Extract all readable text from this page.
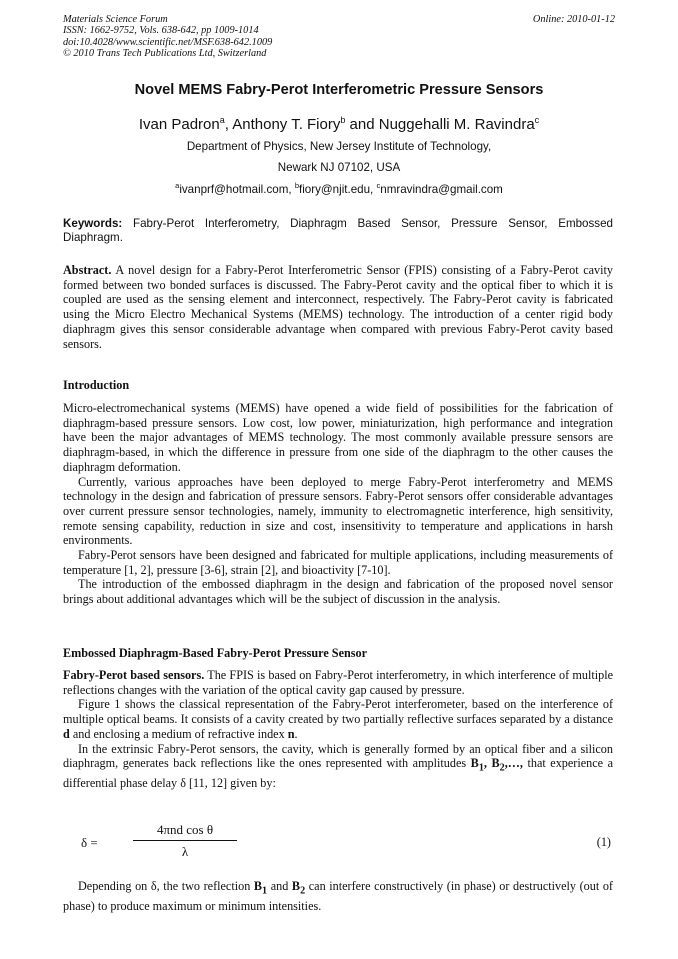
Materials Science Forum
ISSN: 1662-9752, Vols. 638-642, pp 1009-1014
doi:10.4028/www.scientific.net/MSF.638-642.1009
© 2010 Trans Tech Publications Ltd, Switzerland
Online: 2010-01-12
Novel MEMS Fabry-Perot Interferometric Pressure Sensors
Ivan Padron$^a$, Anthony T. Fiory$^b$ and Nuggehalli M. Ravindra$^c$
Department of Physics, New Jersey Institute of Technology,
Newark NJ 07102, USA
$^a$ivanprf@hotmail.com, $^b$fiory@njit.edu, $^c$nmravindra@gmail.com
Keywords: Fabry-Perot Interferometry, Diaphragm Based Sensor, Pressure Sensor, Embossed Diaphragm.

Abstract. A novel design for a Fabry-Perot Interferometric Sensor (FPIS) consisting of a Fabry-Perot cavity formed between two bonded surfaces is discussed. The Fabry-Perot cavity and the optical fiber to which it is coupled are used as the sensing element and interconnect, respectively. The Fabry-Perot cavity is fabricated using the Micro Electro Mechanical Systems (MEMS) technology. The introduction of a center rigid body diaphragm gives this sensor considerable advantage when compared with previous Fabry-Perot cavity based sensors.

Introduction

Micro-electromechanical systems (MEMS) have opened a wide field of possibilities for the fabrication of diaphragm-based pressure sensors. Low cost, low power, miniaturization, high performance and integration have been the major advantages of MEMS technology. The most commonly available pressure sensors are diaphragm-based, in which the difference in pressure from one side of the diaphragm to the other causes the diaphragm deformation.

Currently, various approaches have been deployed to merge Fabry-Perot interferometry and MEMS technology in the design and fabrication of pressure sensors. Fabry-Perot sensors offer considerable advantages over current pressure sensor technologies, namely, immunity to electromagnetic interference, high sensitivity, remote sensing capability, reduction in size and cost, insensitivity to temperature and applications in harsh environments.

Fabry-Perot sensors have been designed and fabricated for multiple applications, including measurements of temperature [1, 2], pressure [3-6], strain [2], and bioactivity [7-10].

The introduction of the embossed diaphragm in the design and fabrication of the proposed novel sensor brings about additional advantages which will be the subject of discussion in the analysis.

Embossed Diaphragm-Based Fabry-Perot Pressure Sensor

Fabry-Perot based sensors. The FPIS is based on Fabry-Perot interferometry, in which interference of multiple reflections changes with the variation of the optical cavity gap caused by pressure.

Figure 1 shows the classical representation of the Fabry-Perot interferometer, based on the interference of multiple optical beams. It consists of a cavity created by two partially reflective surfaces separated by a distance d and enclosing a medium of refractive index n.

In the extrinsic Fabry-Perot sensors, the cavity, which is generally formed by an optical fiber and a silicon diaphragm, generates back reflections like the ones represented with amplitudes $B_1$, $B_2,\dots$, that experience a differential phase delay δ [11, 12] given by:

δ =
4πnd cos θ
λ
(1)

Depending on δ, the two reflection $B_1$ and $B_2$ can interfere constructively (in phase) or destructively (out of phase) to produce maximum or minimum intensities.
